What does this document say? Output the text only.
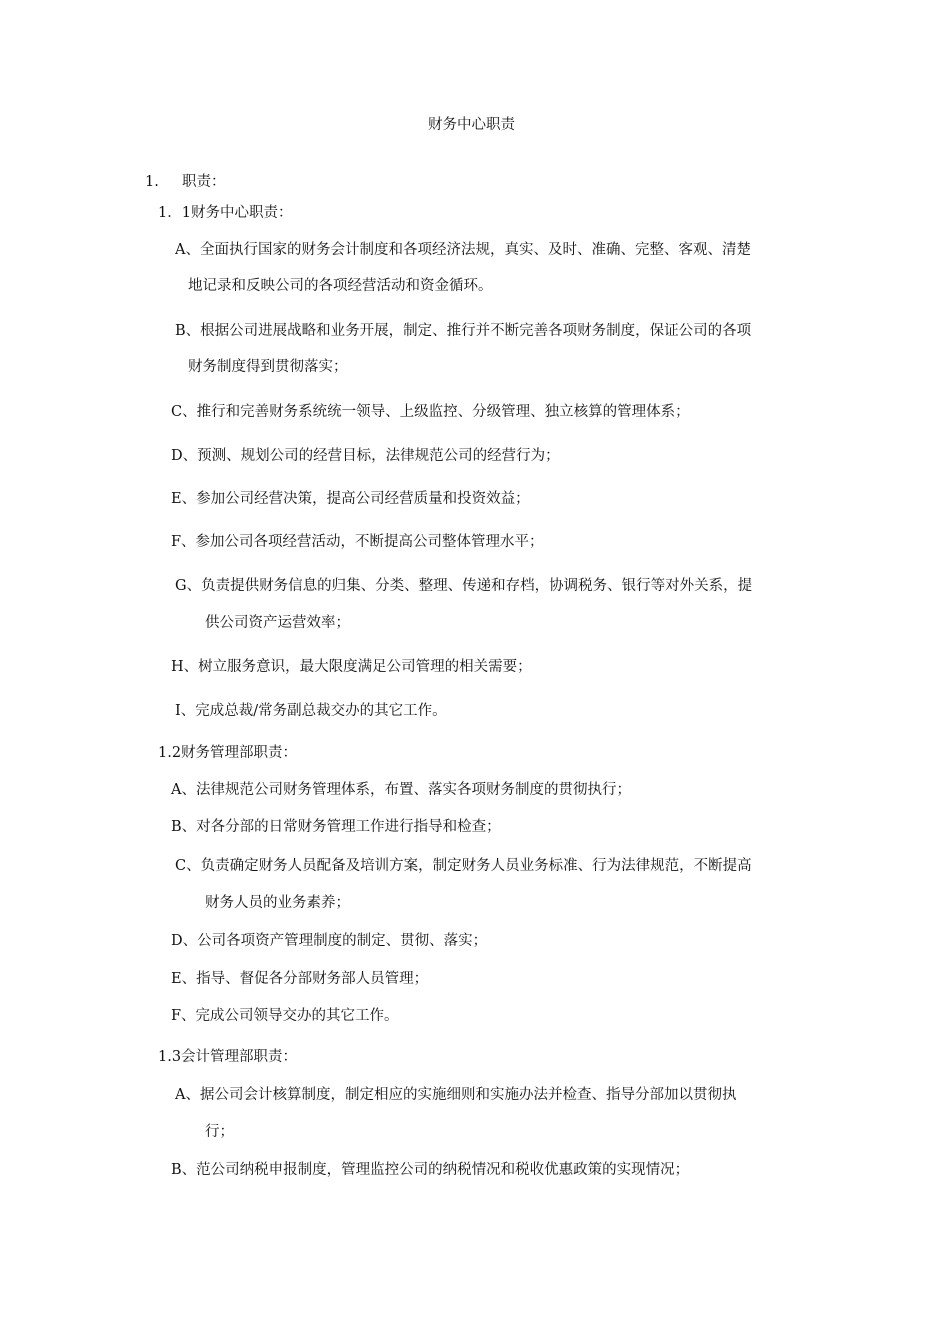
财务中心职责
1. 职责：
1．1财务中心职责：
A、全面执行国家的财务会计制度和各项经济法规，真实、及时、准确、完整、客观、清楚
地记录和反映公司的各项经营活动和资金循环。
B、根据公司进展战略和业务开展，制定、推行并不断完善各项财务制度，保证公司的各项
财务制度得到贯彻落实；
C、推行和完善财务系统统一领导、上级监控、分级管理、独立核算的管理体系；
D、预测、规划公司的经营目标，法律规范公司的经营行为；
E、参加公司经营决策，提高公司经营质量和投资效益；
F、参加公司各项经营活动，不断提高公司整体管理水平；
G、负责提供财务信息的归集、分类、整理、传递和存档，协调税务、银行等对外关系，提
供公司资产运营效率；
H、树立服务意识，最大限度满足公司管理的相关需要；
I、完成总裁/常务副总裁交办的其它工作。
1.2财务管理部职责：
A、法律规范公司财务管理体系，布置、落实各项财务制度的贯彻执行；
B、对各分部的日常财务管理工作进行指导和检查；
C、负责确定财务人员配备及培训方案，制定财务人员业务标准、行为法律规范，不断提高
财务人员的业务素养；
D、公司各项资产管理制度的制定、贯彻、落实；
E、指导、督促各分部财务部人员管理；
F、完成公司领导交办的其它工作。
1.3会计管理部职责：
A、据公司会计核算制度，制定相应的实施细则和实施办法并检查、指导分部加以贯彻执
行；
B、范公司纳税申报制度，管理监控公司的纳税情况和税收优惠政策的实现情况；
